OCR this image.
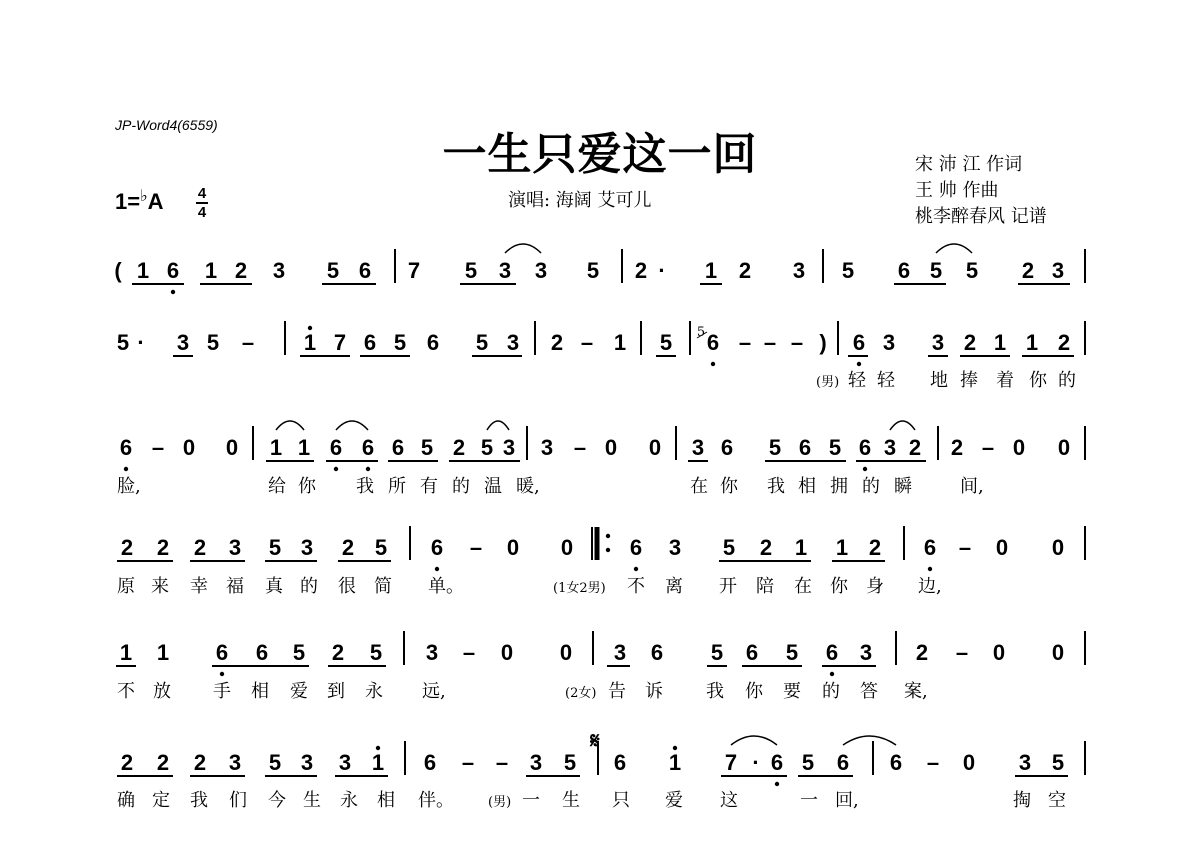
JP-Word4(6559)
一生只爱这一回
演唱: 海阔 艾可儿
宋 沛 江 作词
王 帅 作曲
桃李醉春风 记谱
1=♭A 4
4
( 1 6 1 2 3 5 6 7 5 3 3 5 2 · 1 2 3 5 6 5 5 2 3
5 · 3 5 – 1 7 6 5 6 5 3 2 – 1 5 6 – – – 6 3 3 2 1 1 2
5	)
(男) 轻 轻 地 捧 着 你 的
6 – 0 0 1 1 6 6 6 5 2 5 3 3 – 0 0 3 6 5 6 5 6 3 2 2 – 0 0
脸,	给 你 我 所 有 的 温 暖,	在 你 我 相 拥 的 瞬	间,
2 2 2 3 5 3 2 5 6 – 0 0	6 3 5 2 1 1 2 6 – 0 0
原 来 幸 福 真 的 很 简 单。	(1女2男) 不 离 开 陪 在 你 身 边,
1 1 6 6 5 2 5 3 – 0 0 3 6 5 6 5 6 3 2 – 0 0
不 放 手 相 爱 到 永 远,	(2女) 告 诉 我 你 要 的 答 案,
2 2 2 3 5 3 3 1 6 – – 3 5 6 1 7 · 6 5 6 6 – 0 3 5
𝄋
确 定 我 们 今 生 永 相 伴。	(男) 一 生 只 爱 这	一 回,	掏 空
